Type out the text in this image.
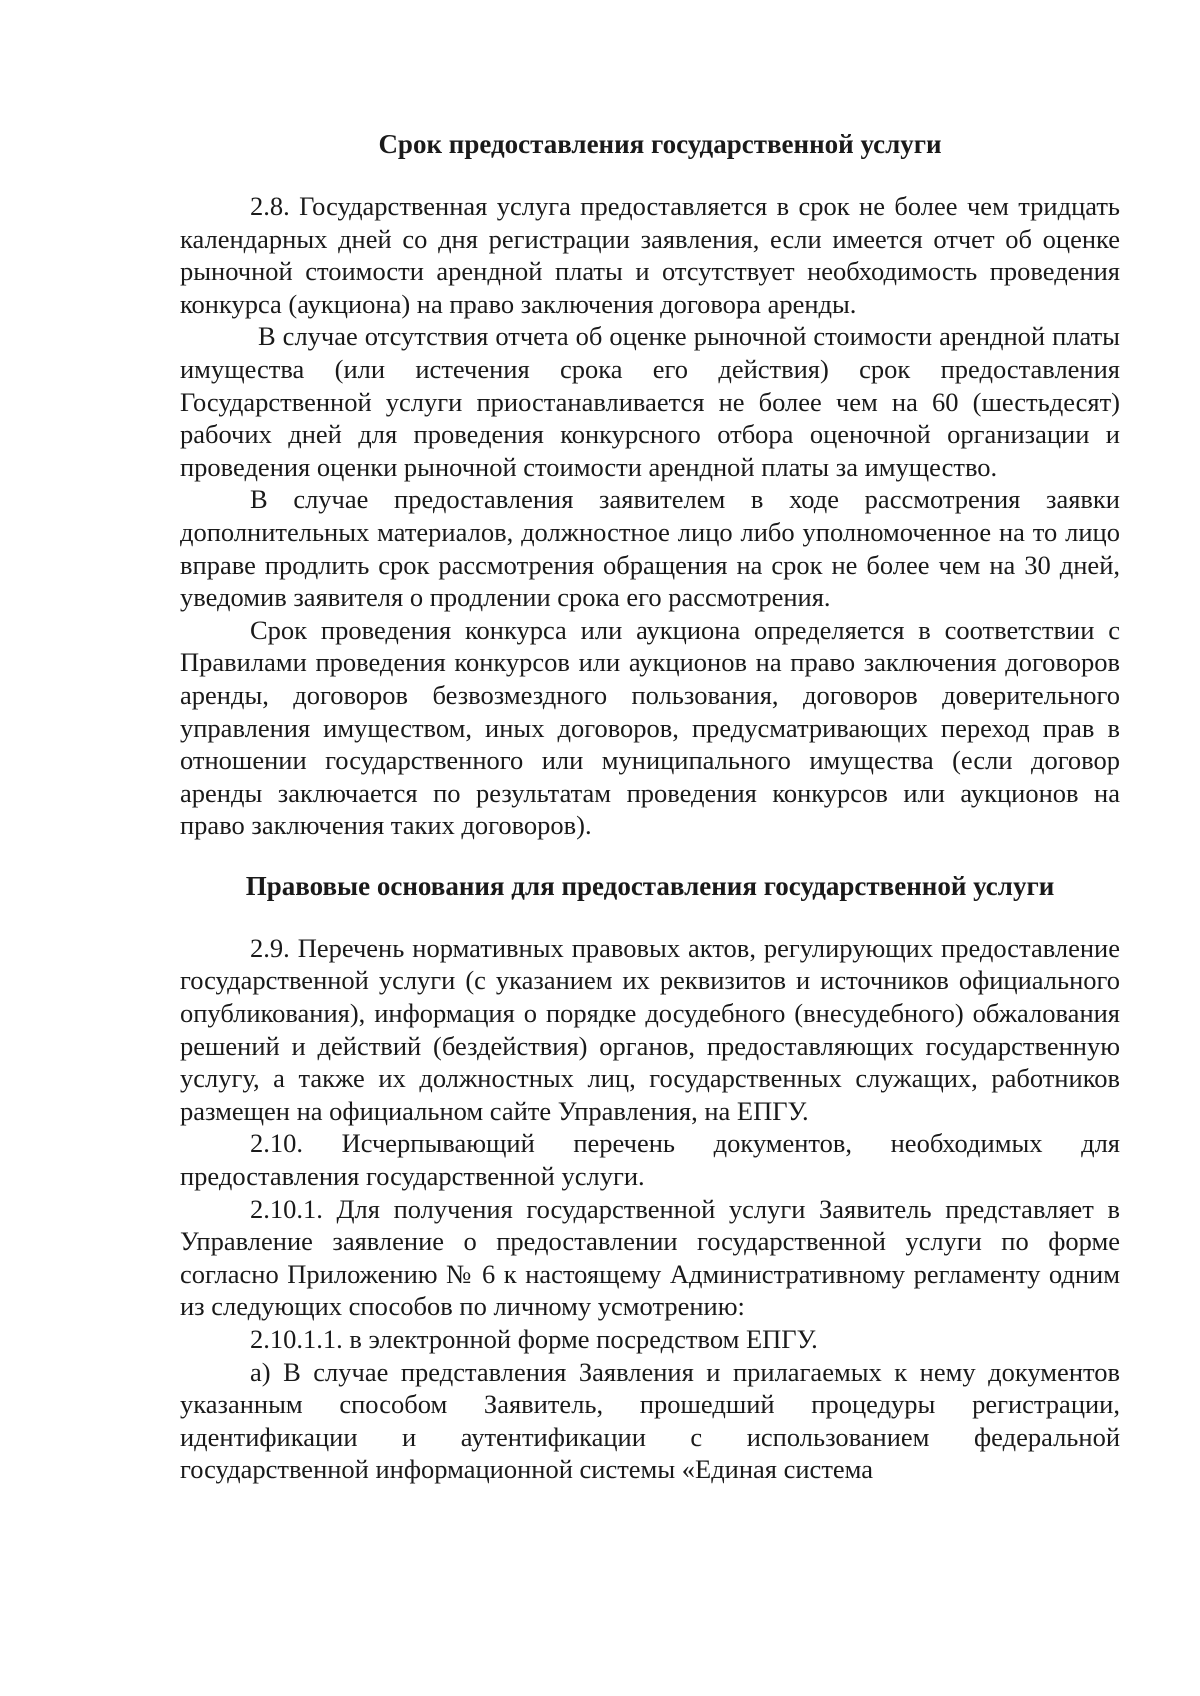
Срок предоставления государственной услуги

2.8. Государственная услуга предоставляется в срок не более чем тридцать календарных дней со дня регистрации заявления, если имеется отчет об оценке рыночной стоимости арендной платы и отсутствует необходимость проведения конкурса (аукциона) на право заключения договора аренды.

В случае отсутствия отчета об оценке рыночной стоимости арендной платы имущества (или истечения срока его действия) срок предоставления Государственной услуги приостанавливается не более чем на 60 (шестьдесят) рабочих дней для проведения конкурсного отбора оценочной организации и проведения оценки рыночной стоимости арендной платы за имущество.

В случае предоставления заявителем в ходе рассмотрения заявки дополнительных материалов, должностное лицо либо уполномоченное на то лицо вправе продлить срок рассмотрения обращения на срок не более чем на 30 дней, уведомив заявителя о продлении срока его рассмотрения.

Срок проведения конкурса или аукциона определяется в соответствии с Правилами проведения конкурсов или аукционов на право заключения договоров аренды, договоров безвозмездного пользования, договоров доверительного управления имуществом, иных договоров, предусматривающих переход прав в отношении государственного или муниципального имущества (если договор аренды заключается по результатам проведения конкурсов или аукционов на право заключения таких договоров).

Правовые основания для предоставления государственной услуги

2.9. Перечень нормативных правовых актов, регулирующих предоставление государственной услуги (с указанием их реквизитов и источников официального опубликования), информация о порядке досудебного (внесудебного) обжалования решений и действий (бездействия) органов, предоставляющих государственную услугу, а также их должностных лиц, государственных служащих, работников размещен на официальном сайте Управления, на ЕПГУ.

2.10. Исчерпывающий перечень документов, необходимых для предоставления государственной услуги.

2.10.1. Для получения государственной услуги Заявитель представляет в Управление заявление о предоставлении государственной услуги по форме согласно Приложению № 6 к настоящему Административному регламенту одним из следующих способов по личному усмотрению:

2.10.1.1. в электронной форме посредством ЕПГУ.

а) В случае представления Заявления и прилагаемых к нему документов указанным способом Заявитель, прошедший процедуры регистрации, идентификации и аутентификации с использованием федеральной государственной информационной системы «Единая система
